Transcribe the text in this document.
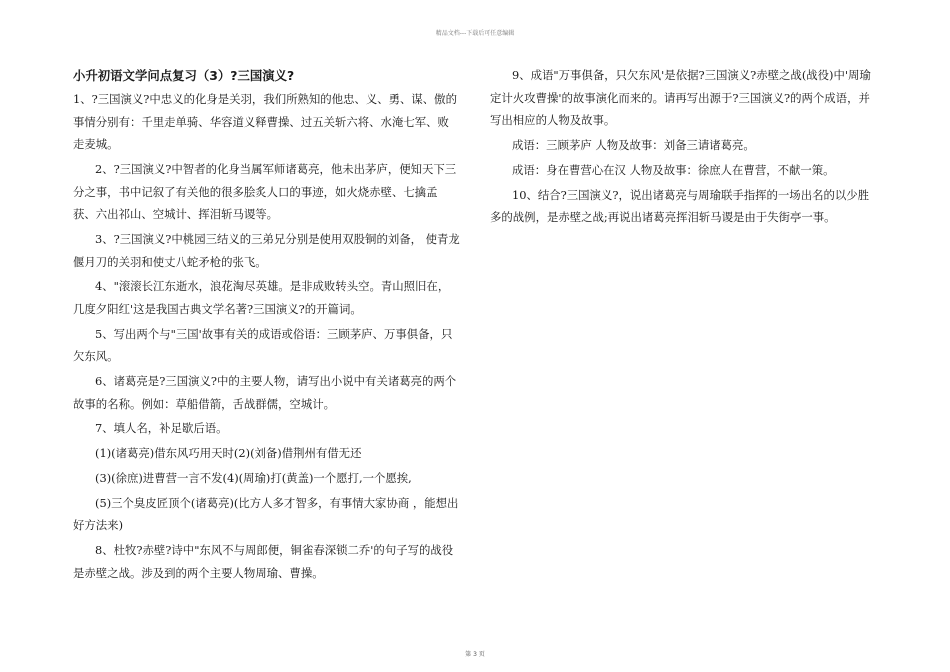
精品文档---下载后可任意编辑

小升初语文学问点复习（3）?三国演义?

1、?三国演义?中忠义的化身是关羽，我们所熟知的他忠、义、勇、谋、傲的事情分别有：千里走单骑、华容道义释曹操、过五关斩六将、水淹七军、败走麦城。

2、?三国演义?中智者的化身当属军师诸葛亮，他未出茅庐，便知天下三分之事，书中记叙了有关他的很多脍炙人口的事迹，如火烧赤壁、七擒孟获、六出祁山、空城计、挥泪斩马谡等。

3、?三国演义?中桃园三结义的三弟兄分别是使用双股铜的刘备， 使青龙偃月刀的关羽和使丈八蛇矛枪的张飞。

4、"滚滚长江东逝水，浪花淘尽英雄。是非成败转头空。青山照旧在，几度夕阳红'这是我国古典文学名著?三国演义?的开篇词。

5、写出两个与"三国'故事有关的成语或俗语：三顾茅庐、万事俱备，只欠东风。

6、诸葛亮是?三国演义?中的主要人物，请写出小说中有关诸葛亮的两个故事的名称。例如：草船借箭，舌战群儒，空城计。

7、填人名，补足歇后语。

(1)(诸葛亮)借东风巧用天时(2)(刘备)借荆州有借无还

(3)(徐庶)进曹营一言不发(4)(周瑜)打(黄盖)一个愿打,一个愿挨,

(5)三个臭皮匠顶个(诸葛亮)(比方人多才智多，有事情大家协商 ，能想出好方法来)

8、杜牧?赤壁?诗中"东风不与周郎便，铜雀春深锁二乔'的句子写的战役是赤壁之战。涉及到的两个主要人物周瑜、曹操。

9、成语"万事俱备，只欠东风'是依据?三国演义?赤壁之战(战役)中'周瑜定计火攻曹操'的故事演化而来的。请再写出源于?三国演义?的两个成语，并写出相应的人物及故事。

成语：三顾茅庐 人物及故事：刘备三请诸葛亮。

成语：身在曹营心在汉 人物及故事：徐庶人在曹营，不献一策。

10、结合?三国演义?，说出诸葛亮与周瑜联手指挥的一场出名的以少胜多的战例，是赤壁之战;再说出诸葛亮挥泪斩马谡是由于失街亭一事。

第 3 页
